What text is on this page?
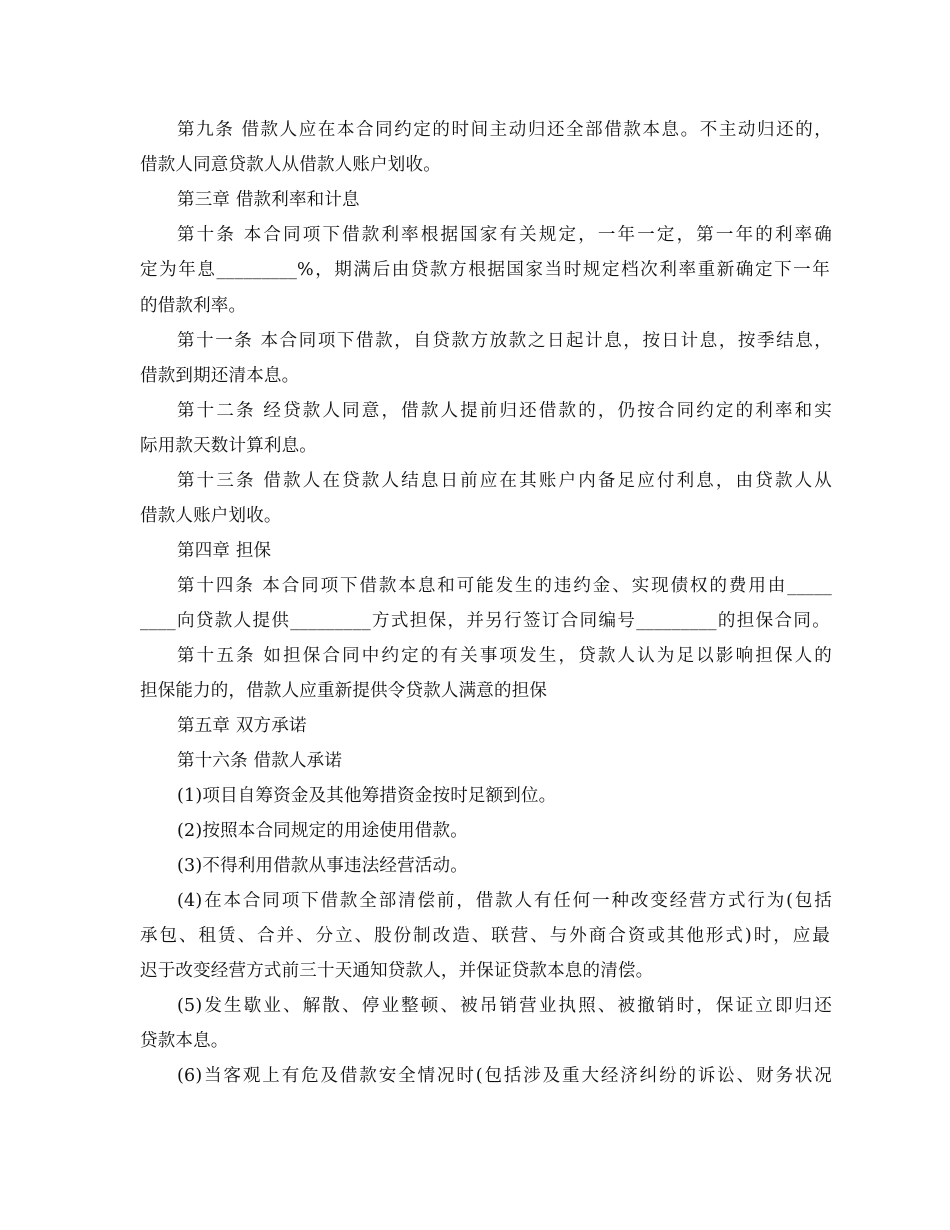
第九条 借款人应在本合同约定的时间主动归还全部借款本息。不主动归还的，
借款人同意贷款人从借款人账户划收。
第三章 借款利率和计息
第十条 本合同项下借款利率根据国家有关规定，一年一定，第一年的利率确
定为年息_________%，期满后由贷款方根据国家当时规定档次利率重新确定下一年
的借款利率。
第十一条 本合同项下借款，自贷款方放款之日起计息，按日计息，按季结息，
借款到期还清本息。
第十二条 经贷款人同意，借款人提前归还借款的，仍按合同约定的利率和实
际用款天数计算利息。
第十三条 借款人在贷款人结息日前应在其账户内备足应付利息，由贷款人从
借款人账户划收。
第四章 担保
第十四条 本合同项下借款本息和可能发生的违约金、实现债权的费用由_____
____向贷款人提供_________方式担保，并另行签订合同编号_________的担保合同。
第十五条 如担保合同中约定的有关事项发生，贷款人认为足以影响担保人的
担保能力的，借款人应重新提供令贷款人满意的担保
第五章 双方承诺
第十六条 借款人承诺
(1)项目自筹资金及其他筹措资金按时足额到位。
(2)按照本合同规定的用途使用借款。
(3)不得利用借款从事违法经营活动。
(4)在本合同项下借款全部清偿前，借款人有任何一种改变经营方式行为(包括
承包、租赁、合并、分立、股份制改造、联营、与外商合资或其他形式)时，应最
迟于改变经营方式前三十天通知贷款人，并保证贷款本息的清偿。
(5)发生歇业、解散、停业整顿、被吊销营业执照、被撤销时，保证立即归还
贷款本息。
(6)当客观上有危及借款安全情况时(包括涉及重大经济纠纷的诉讼、财务状况
